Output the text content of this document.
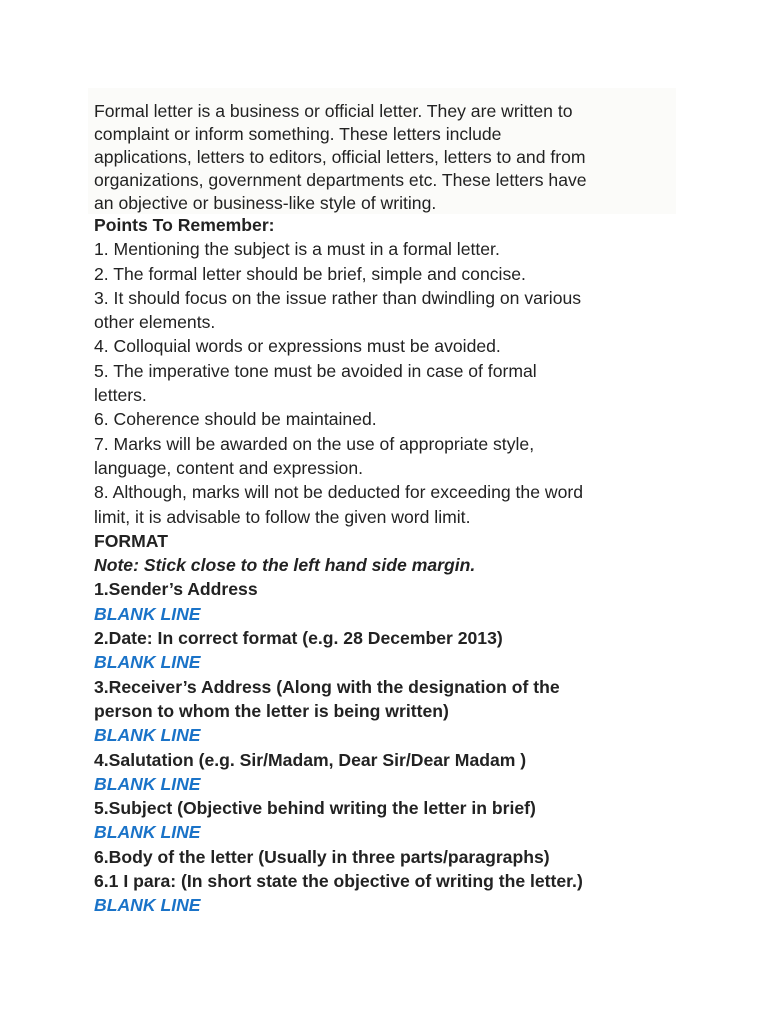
Formal letter is a business or official letter. They are written to
complaint or inform something. These letters include
applications, letters to editors, official letters, letters to and from
organizations, government departments etc. These letters have
an objective or business-like style of writing.

Points To Remember:

1. Mentioning the subject is a must in a formal letter.

2. The formal letter should be brief, simple and concise.

3. It should focus on the issue rather than dwindling on various
other elements.

4. Colloquial words or expressions must be avoided.

5. The imperative tone must be avoided in case of formal
letters.

6. Coherence should be maintained.

7. Marks will be awarded on the use of appropriate style,
language, content and expression.

8. Although, marks will not be deducted for exceeding the word
limit, it is advisable to follow the given word limit.

FORMAT

Note: Stick close to the left hand side margin.

1.Sender’s Address

BLANK LINE

2.Date: In correct format (e.g. 28 December 2013)

BLANK LINE

3.Receiver’s Address (Along with the designation of the
person to whom the letter is being written)

BLANK LINE

4.Salutation (e.g. Sir/Madam, Dear Sir/Dear Madam )

BLANK LINE

5.Subject (Objective behind writing the letter in brief)

BLANK LINE

6.Body of the letter (Usually in three parts/paragraphs)

6.1 I para: (In short state the objective of writing the letter.)

BLANK LINE
